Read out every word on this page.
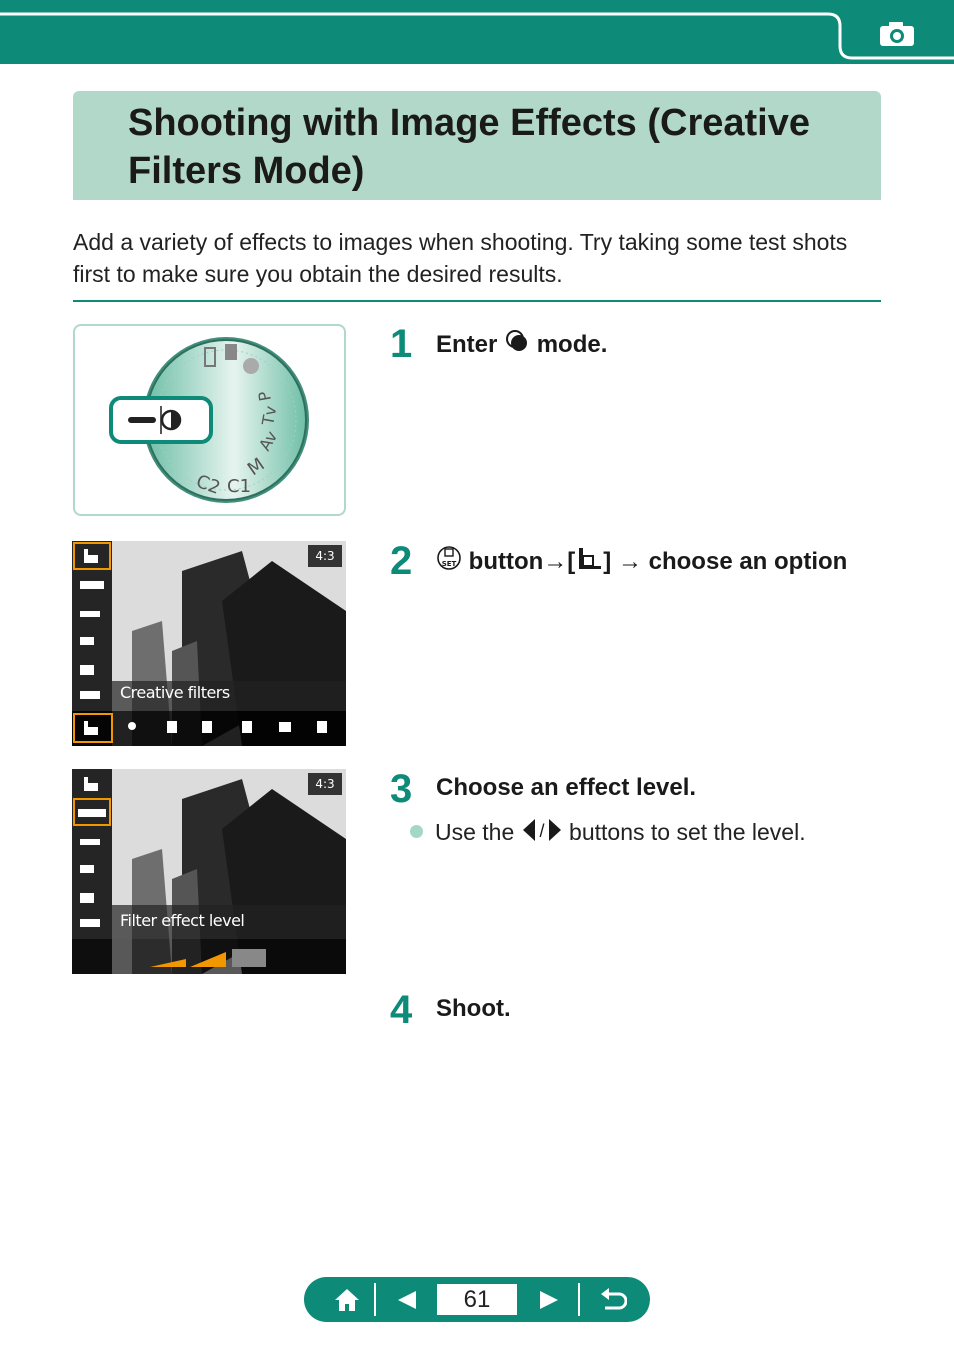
Shooting with Image Effects (Creative Filters Mode)

Add a variety of effects to images when shooting. Try taking some test shots first to make sure you obtain the desired results.

C2 C1
M
Av
Tv
P
4:3
Creative filters
4:3
Filter effect level
1 Enter mode.
2	SET button→[ ] → choose an option
3 Choose an effect level.
Use the / buttons to set the level.
4 Shoot.
61
